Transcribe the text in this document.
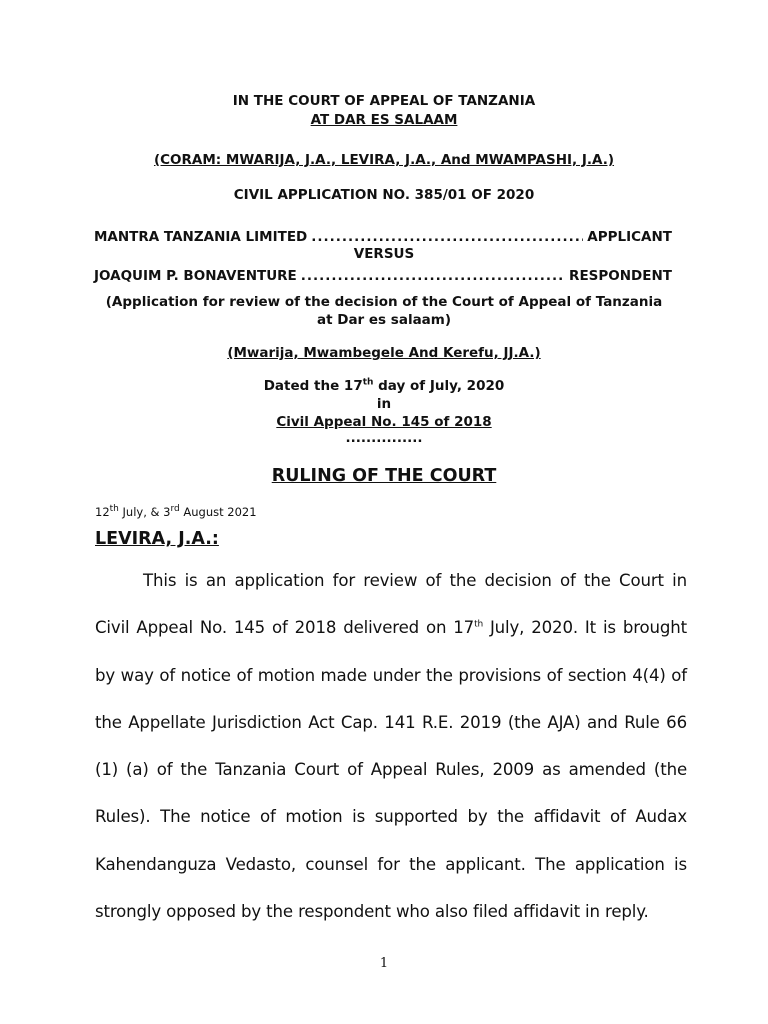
IN THE COURT OF APPEAL OF TANZANIA
AT DAR ES SALAAM
(CORAM: MWARIJA, J.A., LEVIRA, J.A., And MWAMPASHI, J.A.)
CIVIL APPLICATION NO. 385/01 OF 2020
MANTRA TANZANIA LIMITED .....	APPLICANT
VERSUS
JOAQUIM P. BONAVENTURE .....	RESPONDENT
(Application for review of the decision of the Court of Appeal of Tanzania
at Dar es salaam)
(Mwarija, Mwambegele And Kerefu, JJ.A.)
Dated the 17th day of July, 2020
in
Civil Appeal No. 145 of 2018
...............
RULING OF THE COURT
12th July, & 3rd August 2021
LEVIRA, J.A.:
This is an application for review of the decision of the Court in Civil Appeal No. 145 of 2018 delivered on 17th July, 2020. It is brought by way of notice of motion made under the provisions of section 4(4) of the Appellate Jurisdiction Act Cap. 141 R.E. 2019 (the AJA) and Rule 66 (1) (a) of the Tanzania Court of Appeal Rules, 2009 as amended (the Rules). The notice of motion is supported by the affidavit of Audax Kahendanguza Vedasto, counsel for the applicant. The application is strongly opposed by the respondent who also filed affidavit in reply.
1
